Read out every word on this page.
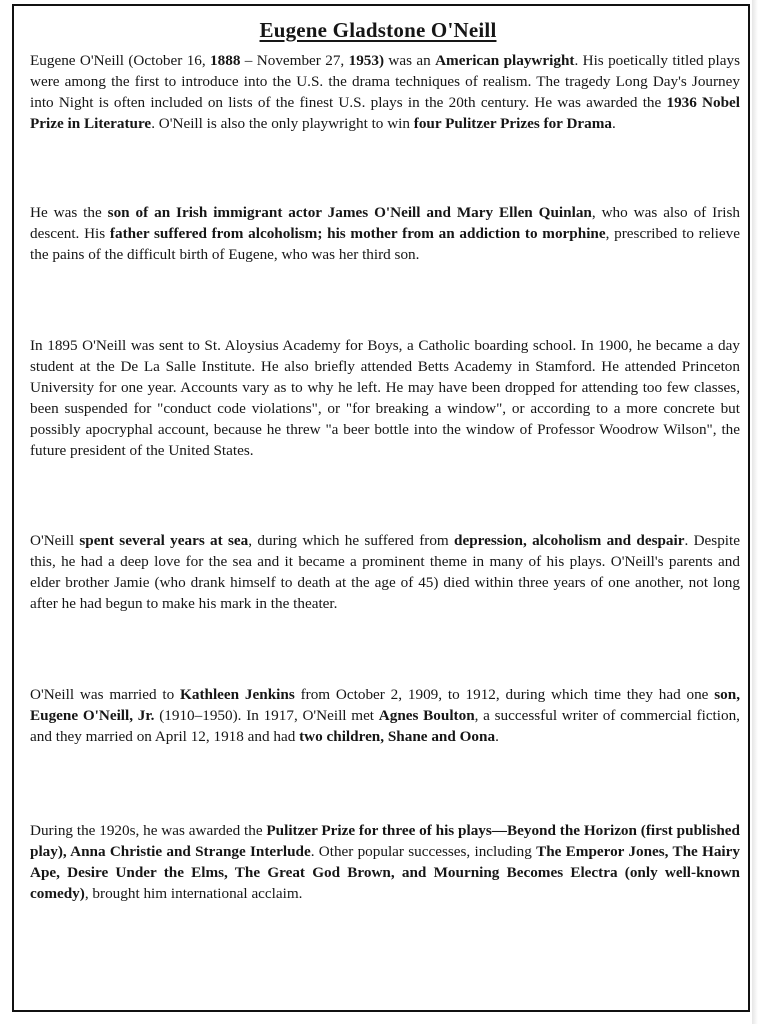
Eugene Gladstone O'Neill

Eugene O'Neill (October 16, 1888 – November 27, 1953) was an American playwright. His poetically titled plays were among the first to introduce into the U.S. the drama techniques of realism. The tragedy Long Day's Journey into Night is often included on lists of the finest U.S. plays in the 20th century. He was awarded the 1936 Nobel Prize in Literature. O'Neill is also the only playwright to win four Pulitzer Prizes for Drama.

He was the son of an Irish immigrant actor James O'Neill and Mary Ellen Quinlan, who was also of Irish descent. His father suffered from alcoholism; his mother from an addiction to morphine, prescribed to relieve the pains of the difficult birth of Eugene, who was her third son.

In 1895 O'Neill was sent to St. Aloysius Academy for Boys, a Catholic boarding school. In 1900, he became a day student at the De La Salle Institute. He also briefly attended Betts Academy in Stamford. He attended Princeton University for one year. Accounts vary as to why he left. He may have been dropped for attending too few classes, been suspended for "conduct code violations", or "for breaking a window", or according to a more concrete but possibly apocryphal account, because he threw "a beer bottle into the window of Professor Woodrow Wilson", the future president of the United States.

O'Neill spent several years at sea, during which he suffered from depression, alcoholism and despair. Despite this, he had a deep love for the sea and it became a prominent theme in many of his plays. O'Neill's parents and elder brother Jamie (who drank himself to death at the age of 45) died within three years of one another, not long after he had begun to make his mark in the theater.

O'Neill was married to Kathleen Jenkins from October 2, 1909, to 1912, during which time they had one son, Eugene O'Neill, Jr. (1910–1950). In 1917, O'Neill met Agnes Boulton, a successful writer of commercial fiction, and they married on April 12, 1918 and had two children, Shane and Oona.

During the 1920s, he was awarded the Pulitzer Prize for three of his plays—Beyond the Horizon (first published play), Anna Christie and Strange Interlude. Other popular successes, including The Emperor Jones, The Hairy Ape, Desire Under the Elms, The Great God Brown, and Mourning Becomes Electra (only well-known comedy), brought him international acclaim.
